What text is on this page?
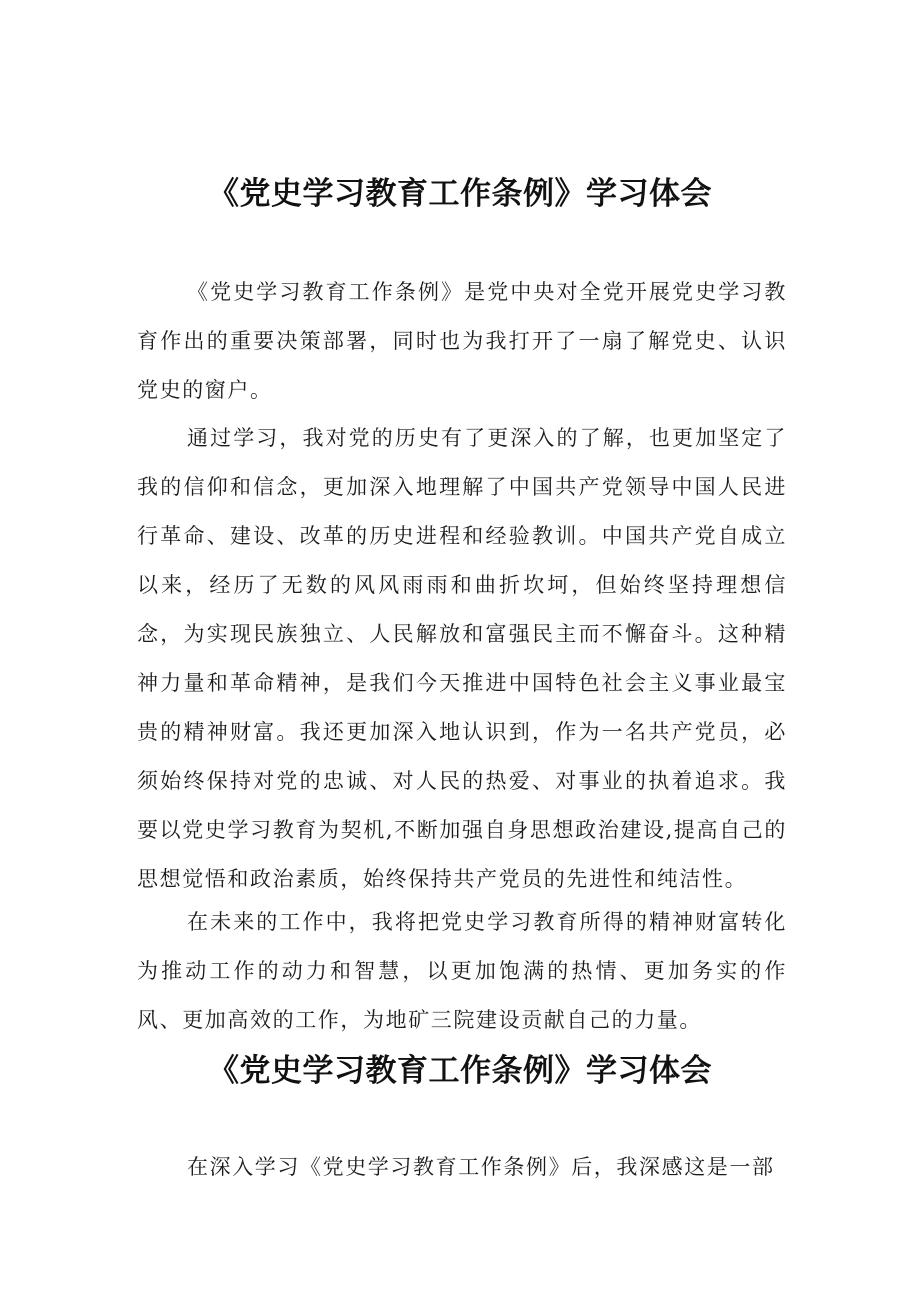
《党史学习教育工作条例》学习体会

《党史学习教育工作条例》是党中央对全党开展党史学习教育作出的重要决策部署，同时也为我打开了一扇了解党史、认识党史的窗户。

通过学习，我对党的历史有了更深入的了解，也更加坚定了我的信仰和信念，更加深入地理解了中国共产党领导中国人民进行革命、建设、改革的历史进程和经验教训。中国共产党自成立以来，经历了无数的风风雨雨和曲折坎坷，但始终坚持理想信念，为实现民族独立、人民解放和富强民主而不懈奋斗。这种精神力量和革命精神，是我们今天推进中国特色社会主义事业最宝贵的精神财富。我还更加深入地认识到，作为一名共产党员，必须始终保持对党的忠诚、对人民的热爱、对事业的执着追求。我要以党史学习教育为契机,不断加强自身思想政治建设,提高自己的思想觉悟和政治素质，始终保持共产党员的先进性和纯洁性。

在未来的工作中，我将把党史学习教育所得的精神财富转化为推动工作的动力和智慧，以更加饱满的热情、更加务实的作风、更加高效的工作，为地矿三院建设贡献自己的力量。

《党史学习教育工作条例》学习体会

在深入学习《党史学习教育工作条例》后，我深感这是一部
